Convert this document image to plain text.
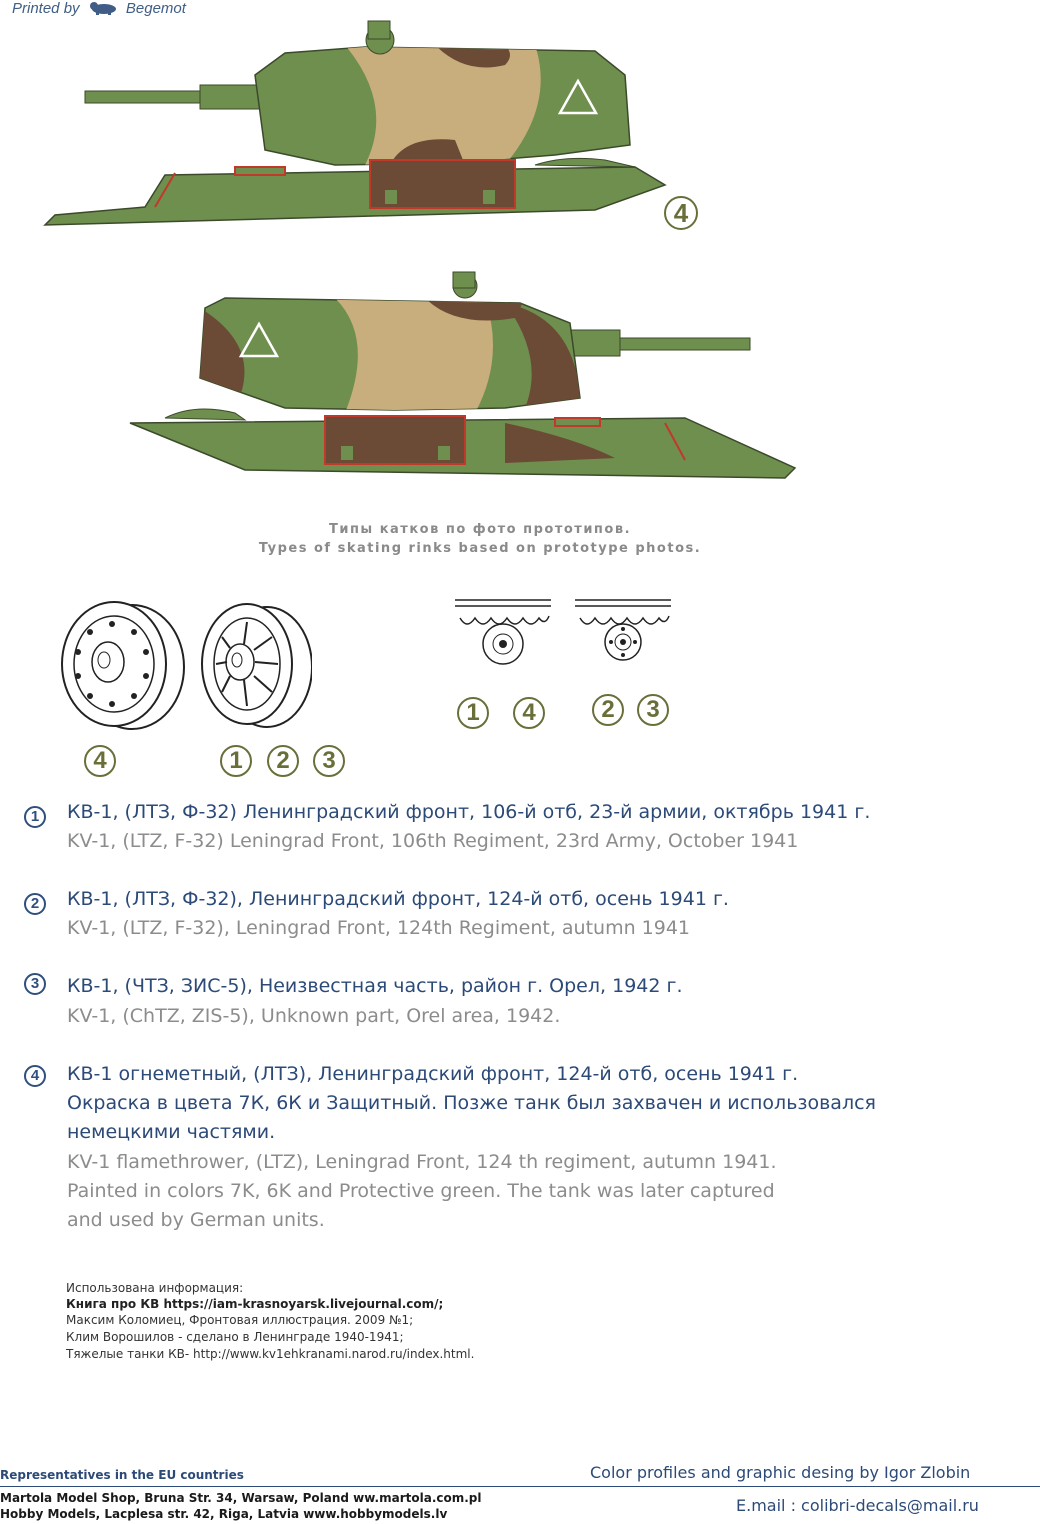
Printed by	Begemot
4
Типы катков по фото прототипов.
Types of skating rinks based on prototype photos.
4	1	2	3
1	4	2	3
1	КВ-1, (ЛТЗ, Ф-32) Ленинградский фронт, 106-й отб, 23-й армии, октябрь 1941 г.
KV-1, (LTZ, F-32) Leningrad Front, 106th Regiment, 23rd Army, October 1941
2	КВ-1, (ЛТЗ, Ф-32), Ленинградский фронт, 124-й отб, осень 1941 г.
KV-1, (LTZ, F-32), Leningrad Front, 124th Regiment, autumn 1941
3	КВ-1, (ЧТЗ, ЗИС-5), Неизвестная часть, район г. Орел, 1942 г.
KV-1, (ChTZ, ZIS-5), Unknown part, Orel area, 1942.
4	КВ-1 огнеметный, (ЛТЗ), Ленинградский фронт, 124-й отб, осень 1941 г.
Окраска в цвета 7К, 6К и Защитный. Позже танк был захвачен и использовался
немецкими частями.
KV-1 flamethrower, (LTZ), Leningrad Front, 124 th regiment, autumn 1941.
Painted in colors 7K, 6K and Protective green. The tank was later captured
and used by German units.
Использована информация:
Книга про КВ https://iam-krasnoyarsk.livejournal.com/;
Максим Коломиец, Фронтовая иллюстрация. 2009 №1;
Клим Ворошилов - сделано в Ленинграде 1940-1941;
Тяжелые танки КВ- http://www.kv1ehkranami.narod.ru/index.html.
Representatives in the EU countries
Martola Model Shop, Bruna Str. 34, Warsaw, Poland ww.martola.com.pl
Hobby Models, Lacplesa str. 42, Riga, Latvia www.hobbymodels.lv
Color profiles and graphic desing by Igor Zlobin
E.mail : colibri-decals@mail.ru
